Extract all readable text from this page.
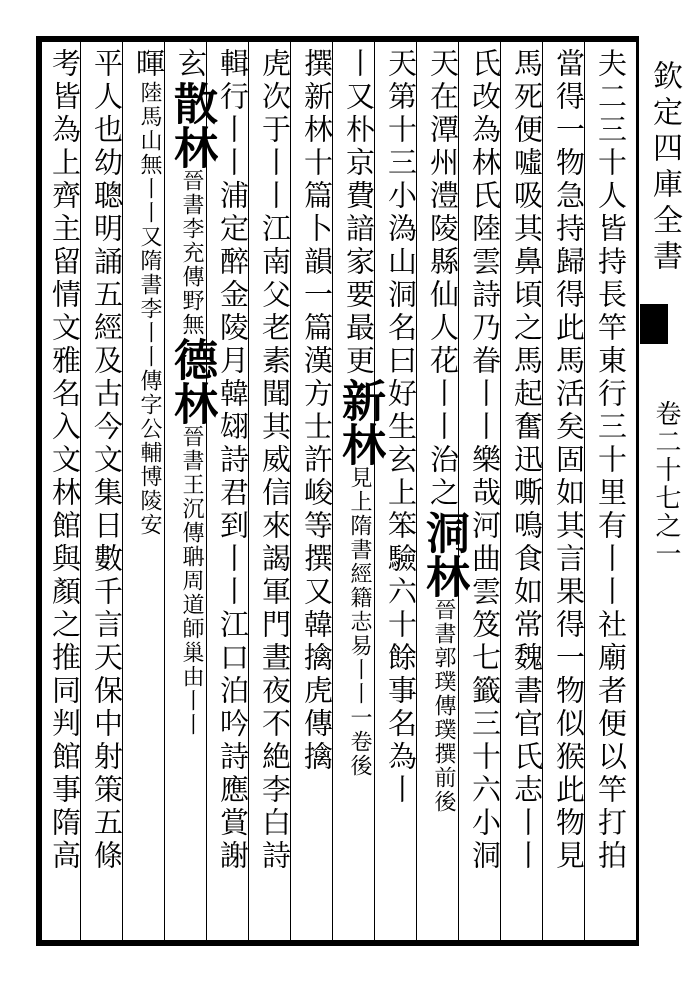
欽定四庫全書
卷二十七之一
夫二三十人皆持長竿東行三十里有丨丨社廟者便以竿打拍
當得一物急持歸得此馬活矣固如其言果得一物似猴此物見
馬死便噓吸其鼻頃之馬起奮迅嘶鳴食如常魏書官氏志丨丨
氏改為林氏陸雲詩乃眷丨丨樂哉河曲雲笈七籤三十六小洞
天在潭州澧陵縣仙人花丨丨治之洞林晉書郭璞傳璞撰前後
天第十三小溈山洞名曰好生玄上笨驗六十餘事名為丨
丨又朴京費諳家要最更新林見上隋書經籍志易丨丨一卷後
撰新林十篇卜韻一篇漢方士許峻等撰又韓擒虎傳擒
虎次于丨丨江南父老素聞其威信來謁軍門晝夜不絶李白詩
輯行丨丨浦定醉金陵月韓翃詩君到丨丨江口泊吟詩應賞謝
玄散林晉書李充傳野無德林晉書王沉傳聃周道師巢由丨丨
暉陸馬山無丨丨又隋書李丨丨傳字公輔博陵安
平人也幼聰明誦五經及古今文集日數千言天保中射策五條
考皆為上齊主留情文雅名入文林館與顏之推同判館事隋高
